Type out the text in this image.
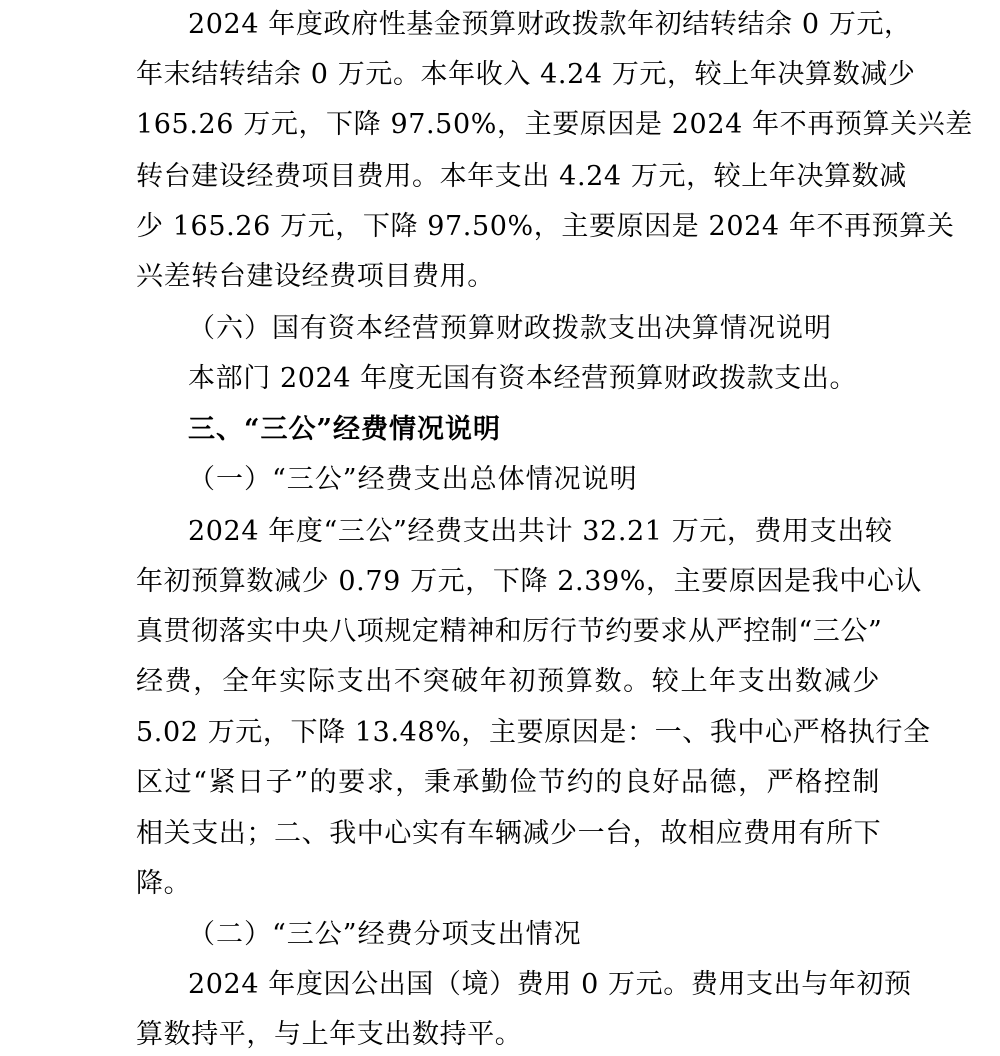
2024 年度政府性基金预算财政拨款年初结转结余 0 万元，
年末结转结余 0 万元。本年收入 4.24 万元，较上年决算数减少
165.26 万元，下降 97.50%，主要原因是 2024 年不再预算关兴差
转台建设经费项目费用。本年支出 4.24 万元，较上年决算数减
少 165.26 万元，下降 97.50%，主要原因是 2024 年不再预算关
兴差转台建设经费项目费用。
（六）国有资本经营预算财政拨款支出决算情况说明
本部门 2024 年度无国有资本经营预算财政拨款支出。
三、“三公”经费情况说明
（一）“三公”经费支出总体情况说明
2024 年度“三公”经费支出共计 32.21 万元，费用支出较
年初预算数减少 0.79 万元，下降 2.39%，主要原因是我中心认
真贯彻落实中央八项规定精神和厉行节约要求从严控制“三公”
经费，全年实际支出不突破年初预算数。较上年支出数减少
5.02 万元，下降 13.48%，主要原因是：一、我中心严格执行全
区过“紧日子”的要求，秉承勤俭节约的良好品德，严格控制
相关支出；二、我中心实有车辆减少一台，故相应费用有所下
降。
（二）“三公”经费分项支出情况
2024 年度因公出国（境）费用 0 万元。费用支出与年初预
算数持平，与上年支出数持平。
